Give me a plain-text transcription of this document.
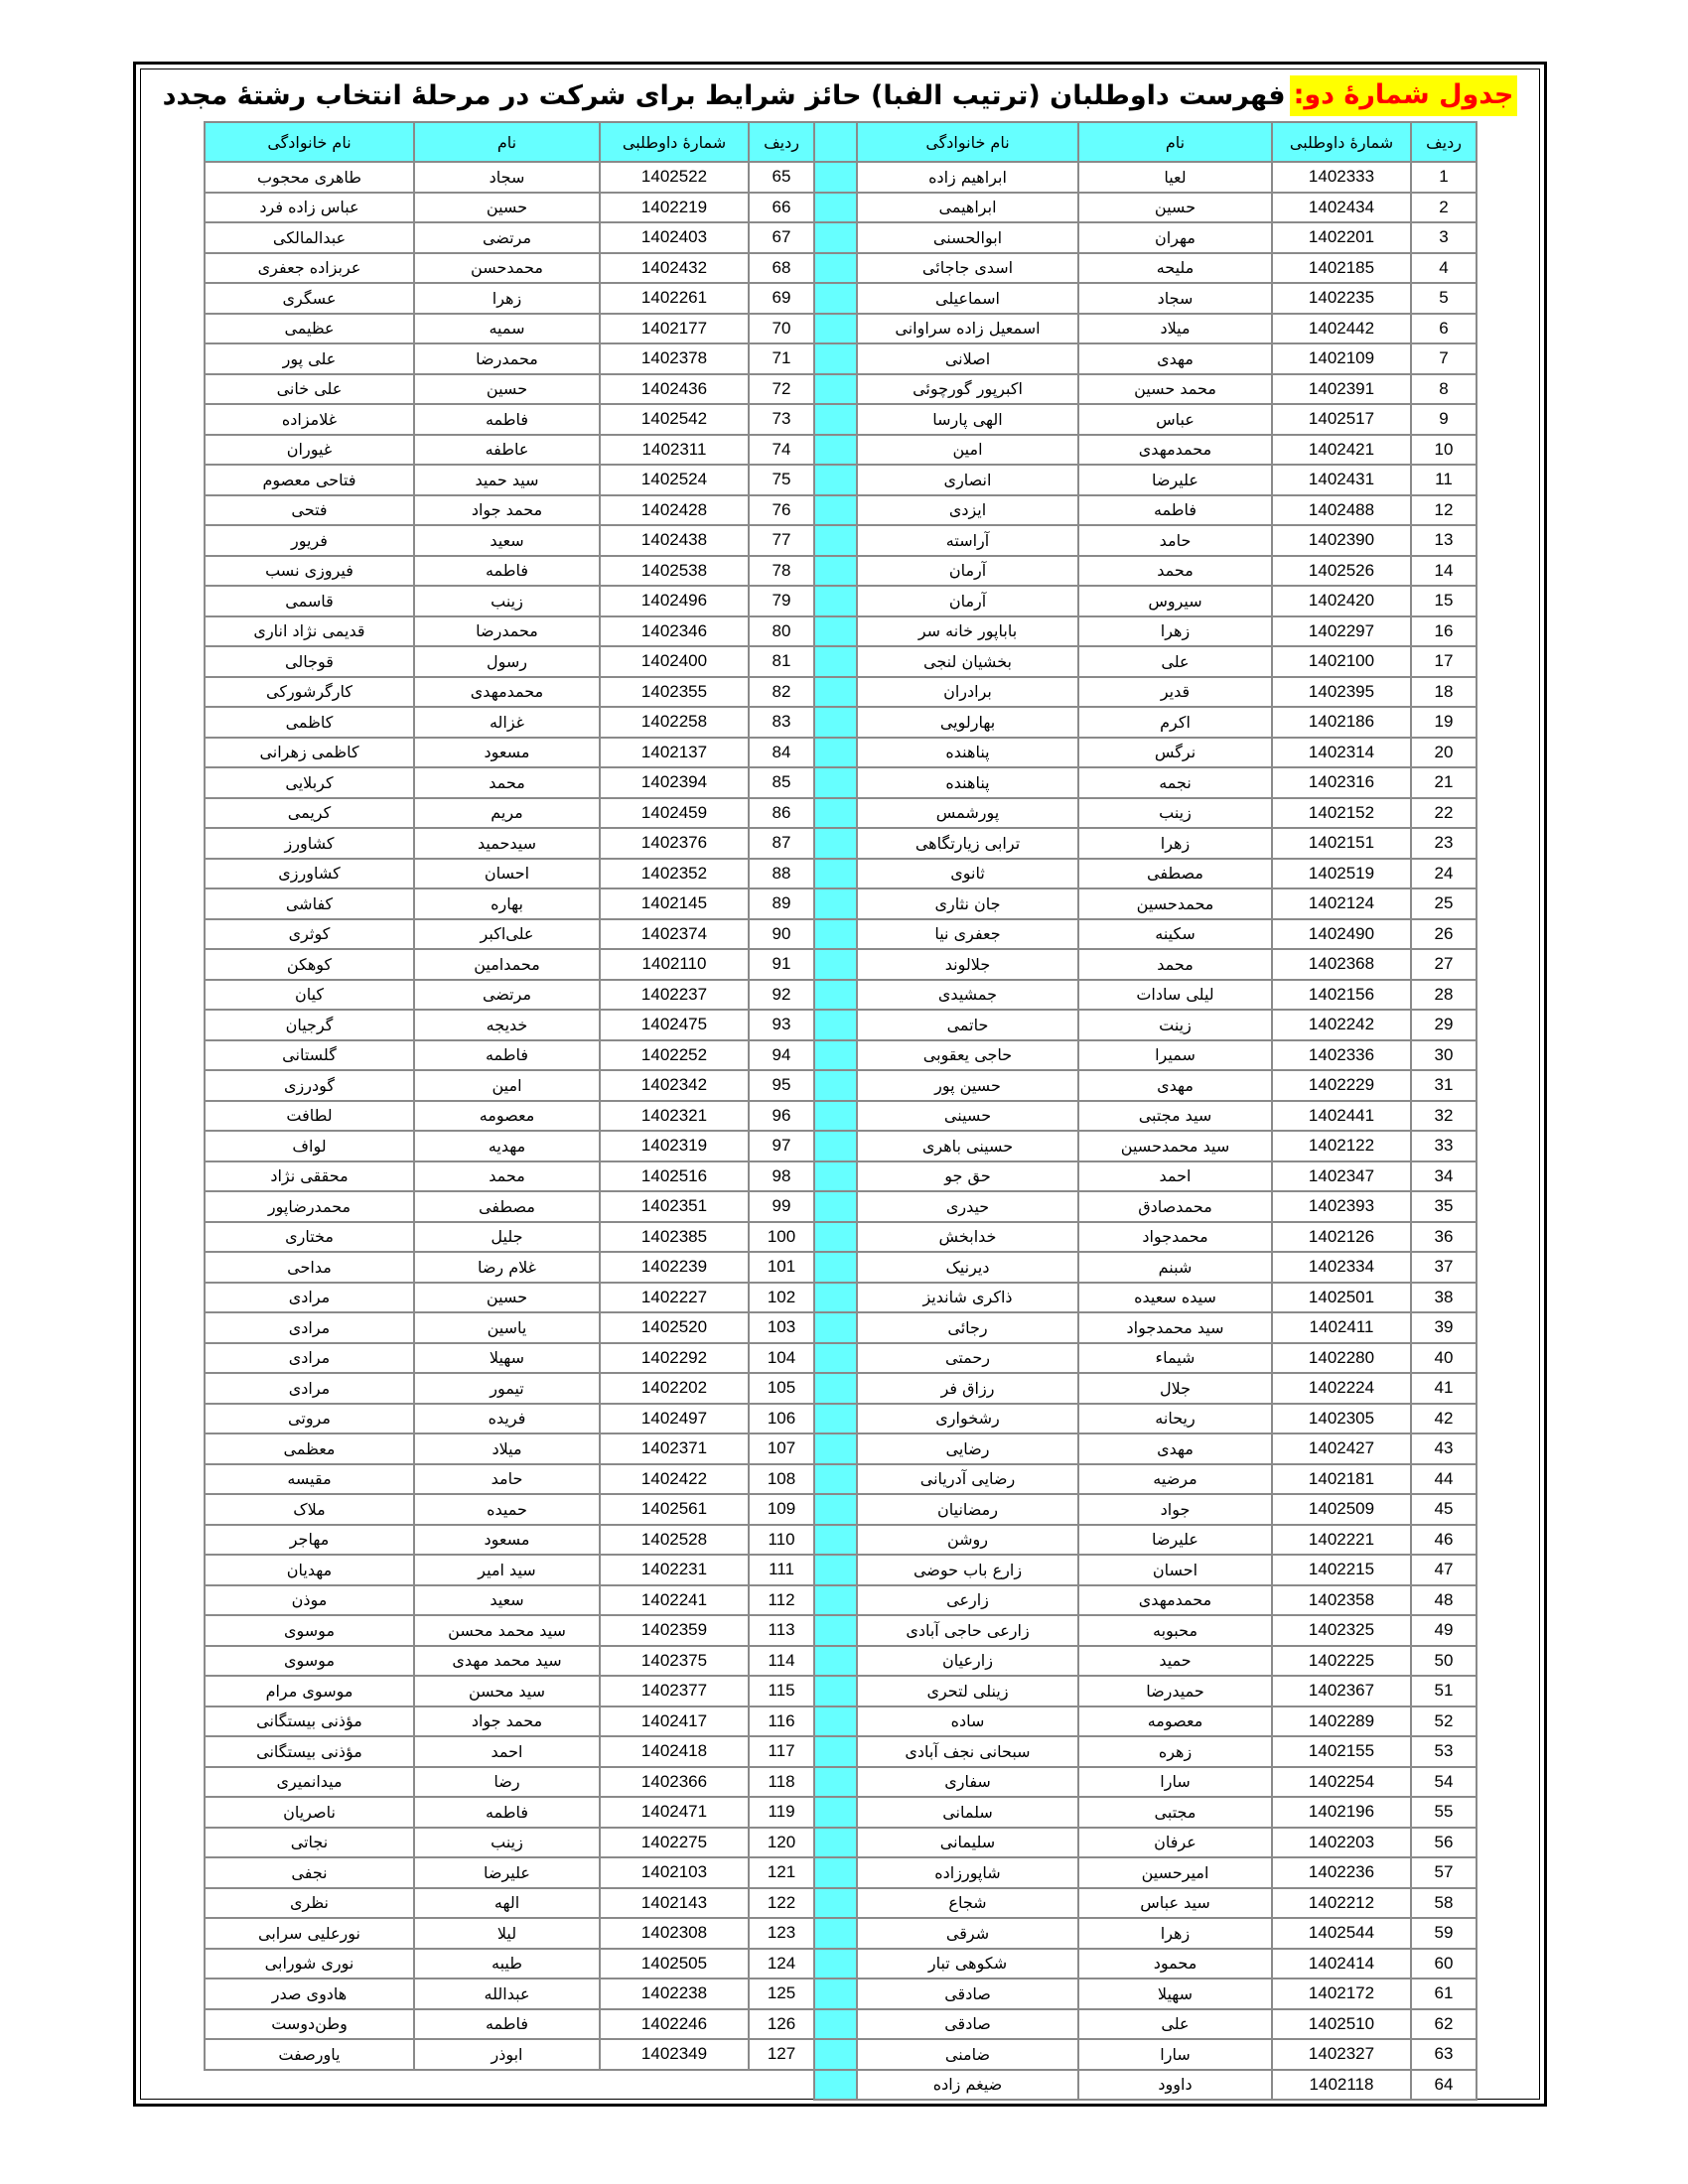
جدول شمارۀ دو:
فهرست داوطلبان (ترتیب الفبا) حائز شرایط برای شرکت در مرحلۀ انتخاب رشتۀ مجدد
ردیف	شمارۀ داوطلبی	نام	نام خانوادگی
1	1402333	لعیا	ابراهیم زاده
2	1402434	حسین	ابراهیمی
3	1402201	مهران	ابوالحسنی
4	1402185	ملیحه	اسدی جاجائی
5	1402235	سجاد	اسماعیلی
6	1402442	میلاد	اسمعیل زاده سراوانی
7	1402109	مهدی	اصلانی
8	1402391	محمد حسین	اکبرپور گورچوئی
9	1402517	عباس	الهی پارسا
10	1402421	محمدمهدی	امین
11	1402431	علیرضا	انصاری
12	1402488	فاطمه	ایزدی
13	1402390	حامد	آراسته
14	1402526	محمد	آرمان
15	1402420	سیروس	آرمان
16	1402297	زهرا	باباپور خانه سر
17	1402100	علی	بخشیان لنجی
18	1402395	قدیر	برادران
19	1402186	اکرم	بهارلویی
20	1402314	نرگس	پناهنده
21	1402316	نجمه	پناهنده
22	1402152	زینب	پورشمس
23	1402151	زهرا	ترابی زیارتگاهی
24	1402519	مصطفی	ثانوی
25	1402124	محمدحسین	جان نثاری
26	1402490	سکینه	جعفری نیا
27	1402368	محمد	جلالوند
28	1402156	لیلی سادات	جمشیدی
29	1402242	زینت	حاتمی
30	1402336	سمیرا	حاجی یعقوبی
31	1402229	مهدی	حسین پور
32	1402441	سید مجتبی	حسینی
33	1402122	سید محمدحسین	حسینی باهری
34	1402347	احمد	حق جو
35	1402393	محمدصادق	حیدری
36	1402126	محمدجواد	خدابخش
37	1402334	شبنم	دیرنیک
38	1402501	سیده سعیده	ذاکری شاندیز
39	1402411	سید محمدجواد	رجائی
40	1402280	شیماء	رحمتی
41	1402224	جلال	رزاق فر
42	1402305	ریحانه	رشخواری
43	1402427	مهدی	رضایی
44	1402181	مرضیه	رضایی آدریانی
45	1402509	جواد	رمضانیان
46	1402221	علیرضا	روشن
47	1402215	احسان	زارع باب حوضی
48	1402358	محمدمهدی	زارعی
49	1402325	محبوبه	زارعی حاجی آبادی
50	1402225	حمید	زارعیان
51	1402367	حمیدرضا	زینلی لتحری
52	1402289	معصومه	ساده
53	1402155	زهره	سبحانی نجف آبادی
54	1402254	سارا	سفاری
55	1402196	مجتبی	سلمانی
56	1402203	عرفان	سلیمانی
57	1402236	امیرحسین	شاپورزاده
58	1402212	سید عباس	شجاع
59	1402544	زهرا	شرقی
60	1402414	محمود	شکوهی تبار
61	1402172	سهیلا	صادقی
62	1402510	علی	صادقی
63	1402327	سارا	ضامنی
64	1402118	داوود	ضیغم زاده
	ردیف	شمارۀ داوطلبی	نام	نام خانوادگی
	65	1402522	سجاد	طاهری محجوب
	66	1402219	حسین	عباس زاده فرد
	67	1402403	مرتضی	عبدالمالکی
	68	1402432	محمدحسن	عربزاده جعفری
	69	1402261	زهرا	عسگری
	70	1402177	سمیه	عظیمی
	71	1402378	محمدرضا	علی پور
	72	1402436	حسین	علی خانی
	73	1402542	فاطمه	غلامزاده
	74	1402311	عاطفه	غیوران
	75	1402524	سید حمید	فتاحی معصوم
	76	1402428	محمد جواد	فتحی
	77	1402438	سعید	فریور
	78	1402538	فاطمه	فیروزی نسب
	79	1402496	زینب	قاسمی
	80	1402346	محمدرضا	قدیمی نژاد اناری
	81	1402400	رسول	قوجالی
	82	1402355	محمدمهدی	کارگرشورکی
	83	1402258	غزاله	کاظمی
	84	1402137	مسعود	کاظمی زهرانی
	85	1402394	محمد	کربلایی
	86	1402459	مریم	کریمی
	87	1402376	سیدحمید	کشاورز
	88	1402352	احسان	کشاورزی
	89	1402145	بهاره	کفاشی
	90	1402374	علی‌اکبر	کوثری
	91	1402110	محمدامین	کوهکن
	92	1402237	مرتضی	کیان
	93	1402475	خدیجه	گرجیان
	94	1402252	فاطمه	گلستانی
	95	1402342	امین	گودرزی
	96	1402321	معصومه	لطافت
	97	1402319	مهدیه	لواف
	98	1402516	محمد	محققی نژاد
	99	1402351	مصطفی	محمدرضاپور
	100	1402385	جلیل	مختاری
	101	1402239	غلام رضا	مداحی
	102	1402227	حسین	مرادی
	103	1402520	یاسین	مرادی
	104	1402292	سهیلا	مرادی
	105	1402202	تیمور	مرادی
	106	1402497	فریده	مروتی
	107	1402371	میلاد	معظمی
	108	1402422	حامد	مقیسه
	109	1402561	حمیده	ملاک
	110	1402528	مسعود	مهاجر
	111	1402231	سید امیر	مهدیان
	112	1402241	سعید	موذن
	113	1402359	سید محمد محسن	موسوی
	114	1402375	سید محمد مهدی	موسوی
	115	1402377	سید محسن	موسوی مرام
	116	1402417	محمد جواد	مؤذنی بیستگانی
	117	1402418	احمد	مؤذنی بیستگانی
	118	1402366	رضا	میدانمیری
	119	1402471	فاطمه	ناصریان
	120	1402275	زینب	نجاتی
	121	1402103	علیرضا	نجفی
	122	1402143	الهه	نظری
	123	1402308	لیلا	نورعلیی سرابی
	124	1402505	طیبه	نوری شورابی
	125	1402238	عبدالله	هادوی صدر
	126	1402246	فاطمه	وطن‌دوست
	127	1402349	ابوذر	یاورصفت
